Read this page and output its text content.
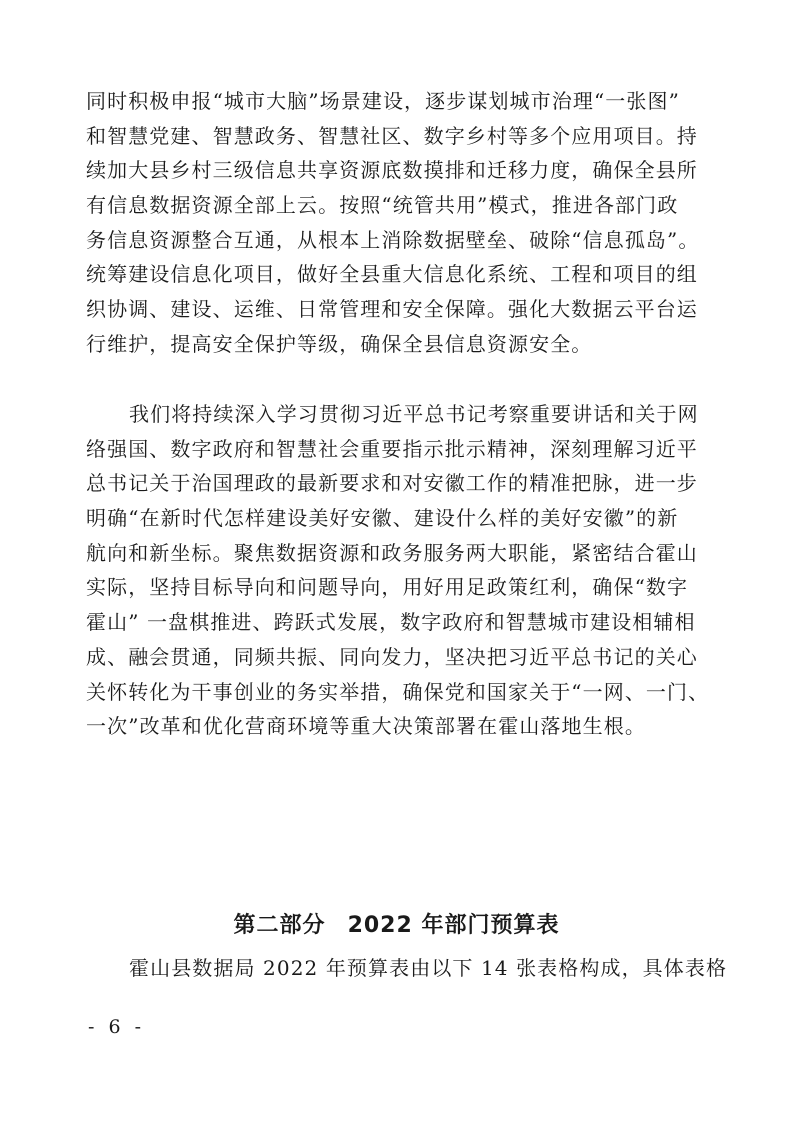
同时积极申报“城市大脑”场景建设，逐步谋划城市治理“一张图”
和智慧党建、智慧政务、智慧社区、数字乡村等多个应用项目。持
续加大县乡村三级信息共享资源底数摸排和迁移力度，确保全县所
有信息数据资源全部上云。按照“统管共用”模式，推进各部门政
务信息资源整合互通，从根本上消除数据壁垒、破除“信息孤岛”。
统筹建设信息化项目，做好全县重大信息化系统、工程和项目的组
织协调、建设、运维、日常管理和安全保障。强化大数据云平台运
行维护，提高安全保护等级，确保全县信息资源安全。
我们将持续深入学习贯彻习近平总书记考察重要讲话和关于网
络强国、数字政府和智慧社会重要指示批示精神，深刻理解习近平
总书记关于治国理政的最新要求和对安徽工作的精准把脉，进一步
明确“在新时代怎样建设美好安徽、建设什么样的美好安徽”的新
航向和新坐标。聚焦数据资源和政务服务两大职能，紧密结合霍山
实际，坚持目标导向和问题导向，用好用足政策红利，确保“数字
霍山” 一盘棋推进、跨跃式发展，数字政府和智慧城市建设相辅相
成、融会贯通，同频共振、同向发力，坚决把习近平总书记的关心
关怀转化为干事创业的务实举措，确保党和国家关于“一网、一门、
一次”改革和优化营商环境等重大决策部署在霍山落地生根。
第二部分 2022 年部门预算表
霍山县数据局 2022 年预算表由以下 14 张表格构成，具体表格

- 6 -
